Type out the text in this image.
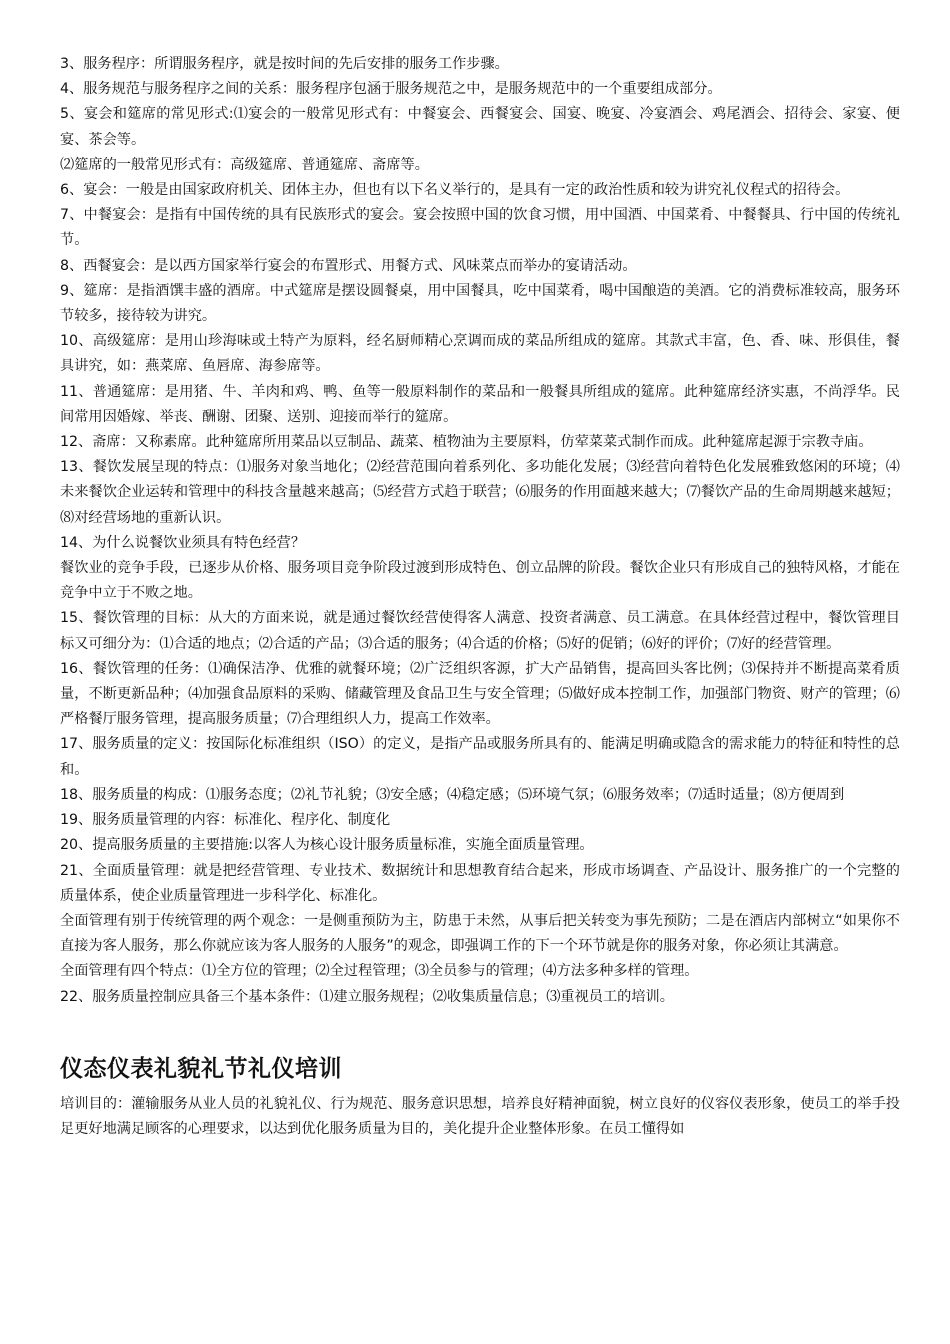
3、服务程序：所谓服务程序，就是按时间的先后安排的服务工作步骤。

4、服务规范与服务程序之间的关系：服务程序包涵于服务规范之中，是服务规范中的一个重要组成部分。

5、宴会和筵席的常见形式:⑴宴会的一般常见形式有：中餐宴会、西餐宴会、国宴、晚宴、冷宴酒会、鸡尾酒会、招待会、家宴、便宴、茶会等。

⑵筵席的一般常见形式有：高级筵席、普通筵席、斋席等。

6、宴会：一般是由国家政府机关、团体主办，但也有以下名义举行的，是具有一定的政治性质和较为讲究礼仪程式的招待会。

7、中餐宴会：是指有中国传统的具有民族形式的宴会。宴会按照中国的饮食习惯，用中国酒、中国菜肴、中餐餐具、行中国的传统礼节。

8、西餐宴会：是以西方国家举行宴会的布置形式、用餐方式、风味菜点而举办的宴请活动。

9、筵席：是指酒馔丰盛的酒席。中式筵席是摆设圆餐桌，用中国餐具，吃中国菜肴，喝中国酿造的美酒。它的消费标准较高，服务环节较多，接待较为讲究。

10、高级筵席：是用山珍海味或土特产为原料，经名厨师精心烹调而成的菜品所组成的筵席。其款式丰富，色、香、味、形俱佳，餐具讲究，如：燕菜席、鱼唇席、海参席等。

11、普通筵席：是用猪、牛、羊肉和鸡、鸭、鱼等一般原料制作的菜品和一般餐具所组成的筵席。此种筵席经济实惠，不尚浮华。民间常用因婚嫁、举丧、酬谢、团聚、送别、迎接而举行的筵席。

12、斋席：又称素席。此种筵席所用菜品以豆制品、蔬菜、植物油为主要原料，仿荤菜菜式制作而成。此种筵席起源于宗教寺庙。

13、餐饮发展呈现的特点：⑴服务对象当地化；⑵经营范围向着系列化、多功能化发展；⑶经营向着特色化发展雅致悠闲的环境；⑷未来餐饮企业运转和管理中的科技含量越来越高；⑸经营方式趋于联营；⑹服务的作用面越来越大；⑺餐饮产品的生命周期越来越短；⑻对经营场地的重新认识。

14、为什么说餐饮业须具有特色经营？

餐饮业的竞争手段，已逐步从价格、服务项目竞争阶段过渡到形成特色、创立品牌的阶段。餐饮企业只有形成自己的独特风格，才能在竞争中立于不败之地。

15、餐饮管理的目标：从大的方面来说，就是通过餐饮经营使得客人满意、投资者满意、员工满意。在具体经营过程中，餐饮管理目标又可细分为：⑴合适的地点；⑵合适的产品；⑶合适的服务；⑷合适的价格；⑸好的促销；⑹好的评价；⑺好的经营管理。

16、餐饮管理的任务：⑴确保洁净、优雅的就餐环境；⑵广泛组织客源，扩大产品销售，提高回头客比例；⑶保持并不断提高菜肴质量，不断更新品种；⑷加强食品原料的采购、储藏管理及食品卫生与安全管理；⑸做好成本控制工作，加强部门物资、财产的管理；⑹严格餐厅服务管理，提高服务质量；⑺合理组织人力，提高工作效率。

17、服务质量的定义：按国际化标准组织（ISO）的定义，是指产品或服务所具有的、能满足明确或隐含的需求能力的特征和特性的总和。

18、服务质量的构成：⑴服务态度；⑵礼节礼貌；⑶安全感；⑷稳定感；⑸环境气氛；⑹服务效率；⑺适时适量；⑻方便周到

19、服务质量管理的内容：标准化、程序化、制度化

20、提高服务质量的主要措施:以客人为核心设计服务质量标准，实施全面质量管理。

21、全面质量管理：就是把经营管理、专业技术、数据统计和思想教育结合起来，形成市场调查、产品设计、服务推广的一个完整的质量体系，使企业质量管理进一步科学化、标准化。

全面管理有别于传统管理的两个观念：一是侧重预防为主，防患于未然，从事后把关转变为事先预防；二是在酒店内部树立“如果你不直接为客人服务，那么你就应该为客人服务的人服务”的观念，即强调工作的下一个环节就是你的服务对象，你必须让其满意。

全面管理有四个特点：⑴全方位的管理；⑵全过程管理；⑶全员参与的管理；⑷方法多种多样的管理。

22、服务质量控制应具备三个基本条件：⑴建立服务规程；⑵收集质量信息；⑶重视员工的培训。

仪态仪表礼貌礼节礼仪培训

培训目的：灌输服务从业人员的礼貌礼仪、行为规范、服务意识思想，培养良好精神面貌，树立良好的仪容仪表形象，使员工的举手投足更好地满足顾客的心理要求，以达到优化服务质量为目的，美化提升企业整体形象。在员工懂得如
